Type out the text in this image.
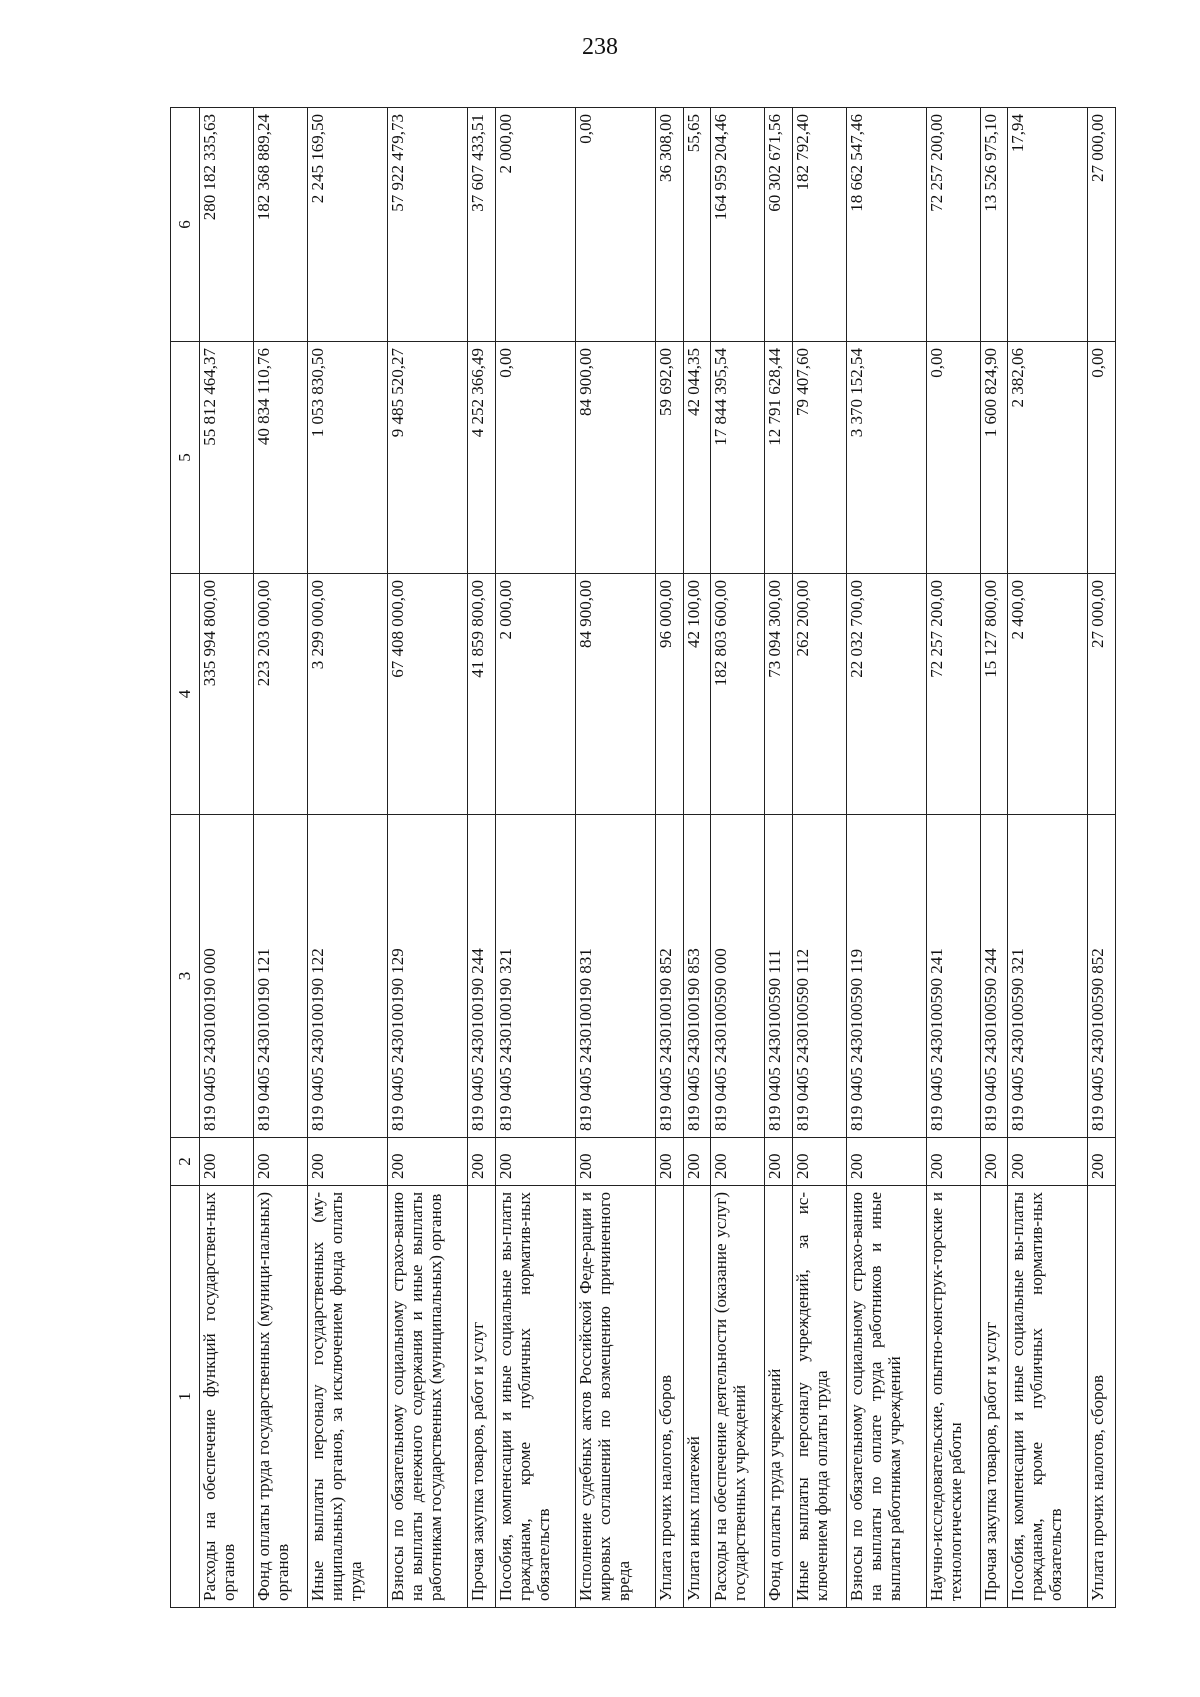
238
1	2	3	4	5	6
Расходы на обеспечение функций государствен-ных органов	200	819 0405 2430100190 000	335 994 800,00	55 812 464,37	280 182 335,63
Фонд оплаты труда государственных (муници-пальных) органов	200	819 0405 2430100190 121	223 203 000,00	40 834 110,76	182 368 889,24
Иные выплаты персоналу государственных (му-ниципальных) органов, за исключением фонда оплаты труда	200	819 0405 2430100190 122	3 299 000,00	1 053 830,50	2 245 169,50
Взносы по обязательному социальному страхо-ванию на выплаты денежного содержания и иные выплаты работникам государственных (муниципальных) органов	200	819 0405 2430100190 129	67 408 000,00	9 485 520,27	57 922 479,73
Прочая закупка товаров, работ и услуг	200	819 0405 2430100190 244	41 859 800,00	4 252 366,49	37 607 433,51
Пособия, компенсации и иные социальные вы-платы гражданам, кроме публичных норматив-ных обязательств	200	819 0405 2430100190 321	2 000,00	0,00	2 000,00
Исполнение судебных актов Российской Феде-рации и мировых соглашений по возмещению причиненного вреда	200	819 0405 2430100190 831	84 900,00	84 900,00	0,00
Уплата прочих налогов, сборов	200	819 0405 2430100190 852	96 000,00	59 692,00	36 308,00
Уплата иных платежей	200	819 0405 2430100190 853	42 100,00	42 044,35	55,65
Расходы на обеспечение деятельности (оказание услуг) государственных учреждений	200	819 0405 2430100590 000	182 803 600,00	17 844 395,54	164 959 204,46
Фонд оплаты труда учреждений	200	819 0405 2430100590 111	73 094 300,00	12 791 628,44	60 302 671,56
Иные выплаты персоналу учреждений, за ис-ключением фонда оплаты труда	200	819 0405 2430100590 112	262 200,00	79 407,60	182 792,40
Взносы по обязательному социальному страхо-ванию на выплаты по оплате труда работников и иные выплаты работникам учреждений	200	819 0405 2430100590 119	22 032 700,00	3 370 152,54	18 662 547,46
Научно-исследовательские, опытно-конструк-торские и технологические работы	200	819 0405 2430100590 241	72 257 200,00	0,00	72 257 200,00
Прочая закупка товаров, работ и услуг	200	819 0405 2430100590 244	15 127 800,00	1 600 824,90	13 526 975,10
Пособия, компенсации и иные социальные вы-платы гражданам, кроме публичных норматив-ных обязательств	200	819 0405 2430100590 321	2 400,00	2 382,06	17,94
Уплата прочих налогов, сборов	200	819 0405 2430100590 852	27 000,00	0,00	27 000,00
